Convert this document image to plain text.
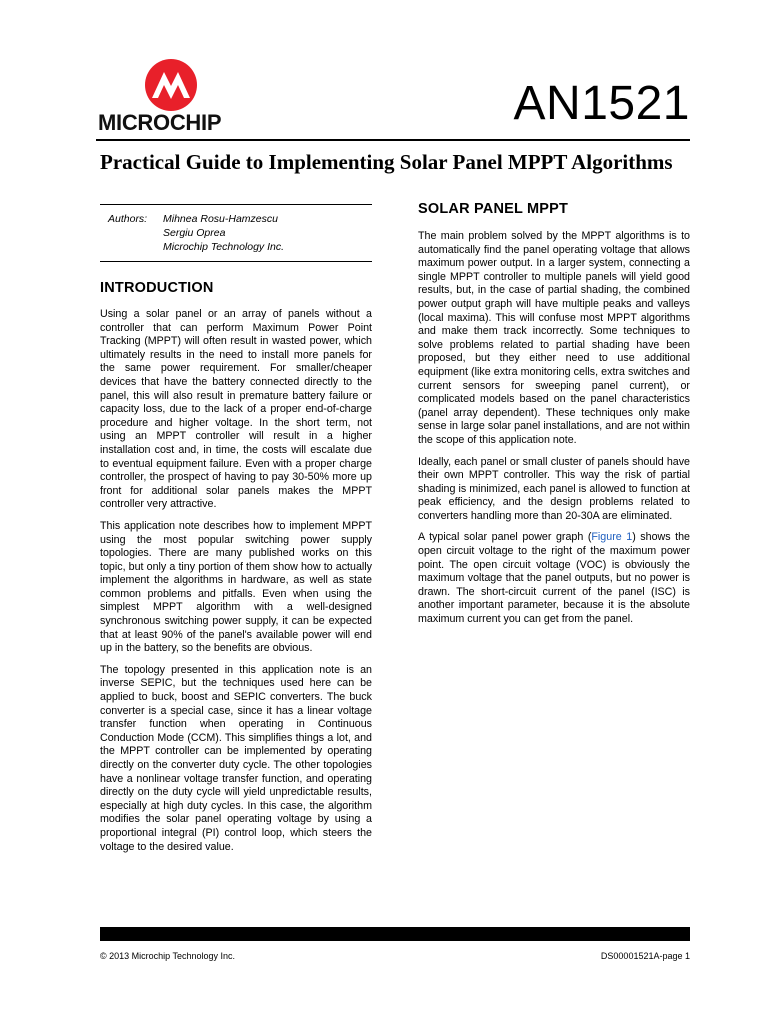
MICROCHIP	AN1521
Practical Guide to Implementing Solar Panel MPPT Algorithms
Authors:	Mihnea Rosu-Hamzescu
Sergiu Oprea
Microchip Technology Inc.
INTRODUCTION

Using a solar panel or an array of panels without a controller that can perform Maximum Power Point Tracking (MPPT) will often result in wasted power, which ultimately results in the need to install more panels for the same power requirement. For smaller/cheaper devices that have the battery connected directly to the panel, this will also result in premature battery failure or capacity loss, due to the lack of a proper end-of-charge procedure and higher voltage. In the short term, not using an MPPT controller will result in a higher installation cost and, in time, the costs will escalate due to eventual equipment failure. Even with a proper charge controller, the prospect of having to pay 30-50% more up front for additional solar panels makes the MPPT controller very attractive.

This application note describes how to implement MPPT using the most popular switching power supply topologies. There are many published works on this topic, but only a tiny portion of them show how to actually implement the algorithms in hardware, as well as state common problems and pitfalls. Even when using the simplest MPPT algorithm with a well-designed synchronous switching power supply, it can be expected that at least 90% of the panel's available power will end up in the battery, so the benefits are obvious.

The topology presented in this application note is an inverse SEPIC, but the techniques used here can be applied to buck, boost and SEPIC converters. The buck converter is a special case, since it has a linear voltage transfer function when operating in Continuous Conduction Mode (CCM). This simplifies things a lot, and the MPPT controller can be implemented by operating directly on the converter duty cycle. The other topologies have a nonlinear voltage transfer function, and operating directly on the duty cycle will yield unpredictable results, especially at high duty cycles. In this case, the algorithm modifies the solar panel operating voltage by using a proportional integral (PI) control loop, which steers the voltage to the desired value.

SOLAR PANEL MPPT

The main problem solved by the MPPT algorithms is to automatically find the panel operating voltage that allows maximum power output. In a larger system, connecting a single MPPT controller to multiple panels will yield good results, but, in the case of partial shading, the combined power output graph will have multiple peaks and valleys (local maxima). This will confuse most MPPT algorithms and make them track incorrectly. Some techniques to solve problems related to partial shading have been proposed, but they either need to use additional equipment (like extra monitoring cells, extra switches and current sensors for sweeping panel current), or complicated models based on the panel characteristics (panel array dependent). These techniques only make sense in large solar panel installations, and are not within the scope of this application note.

Ideally, each panel or small cluster of panels should have their own MPPT controller. This way the risk of partial shading is minimized, each panel is allowed to function at peak efficiency, and the design problems related to converters handling more than 20-30A are eliminated.

A typical solar panel power graph (Figure 1) shows the open circuit voltage to the right of the maximum power point. The open circuit voltage (VOC) is obviously the maximum voltage that the panel outputs, but no power is drawn. The short-circuit current of the panel (ISC) is another important parameter, because it is the absolute maximum current you can get from the panel.

© 2013 Microchip Technology Inc.	DS00001521A-page 1
